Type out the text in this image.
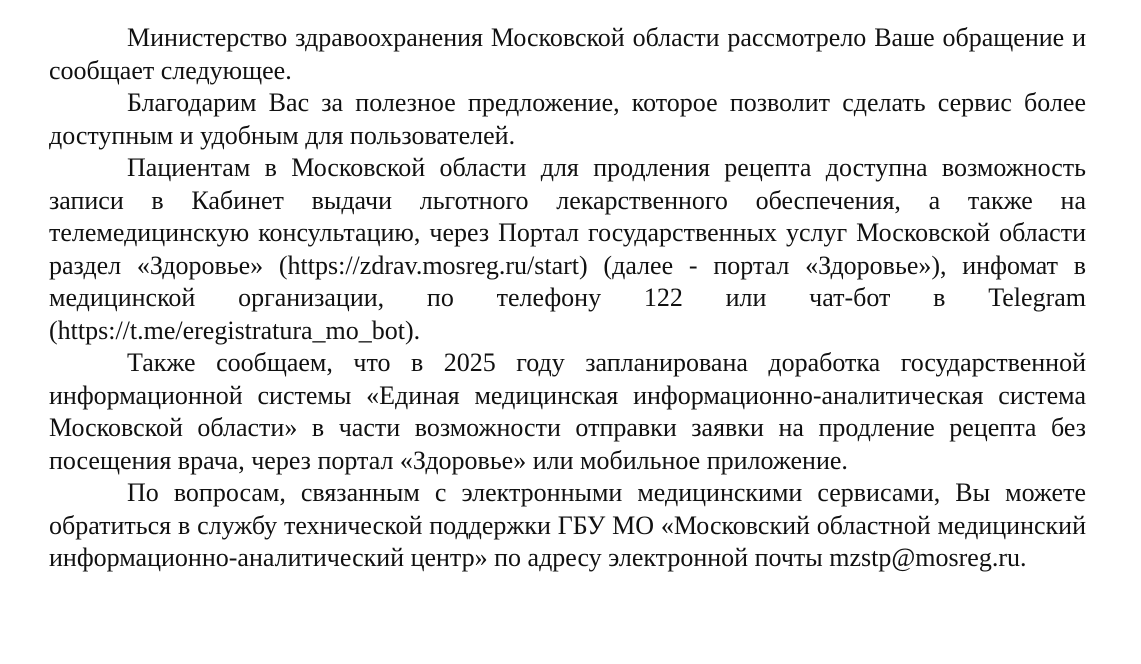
Министерство здравоохранения Московской области рассмотрело Ваше обращение и сообщает следующее.

Благодарим Вас за полезное предложение, которое позволит сделать сервис более доступным и удобным для пользователей.

Пациентам в Московской области для продления рецепта доступна возможность записи в Кабинет выдачи льготного лекарственного обеспечения, а также на телемедицинскую консультацию, через Портал государственных услуг Московской области раздел «Здоровье» (https://zdrav.mosreg.ru/start) (далее - портал «Здоровье»), инфомат в медицинской организации, по телефону 122 или чат-бот в Telegram (https://t.me/eregistratura_mo_bot).

Также сообщаем, что в 2025 году запланирована доработка государственной информационной системы «Единая медицинская информационно-аналитическая система Московской области» в части возможности отправки заявки на продление рецепта без посещения врача, через портал «Здоровье» или мобильное приложение.

По вопросам, связанным с электронными медицинскими сервисами, Вы можете обратиться в службу технической поддержки ГБУ МО «Московский областной медицинский информационно-аналитический центр» по адресу электронной почты mzstp@mosreg.ru.
